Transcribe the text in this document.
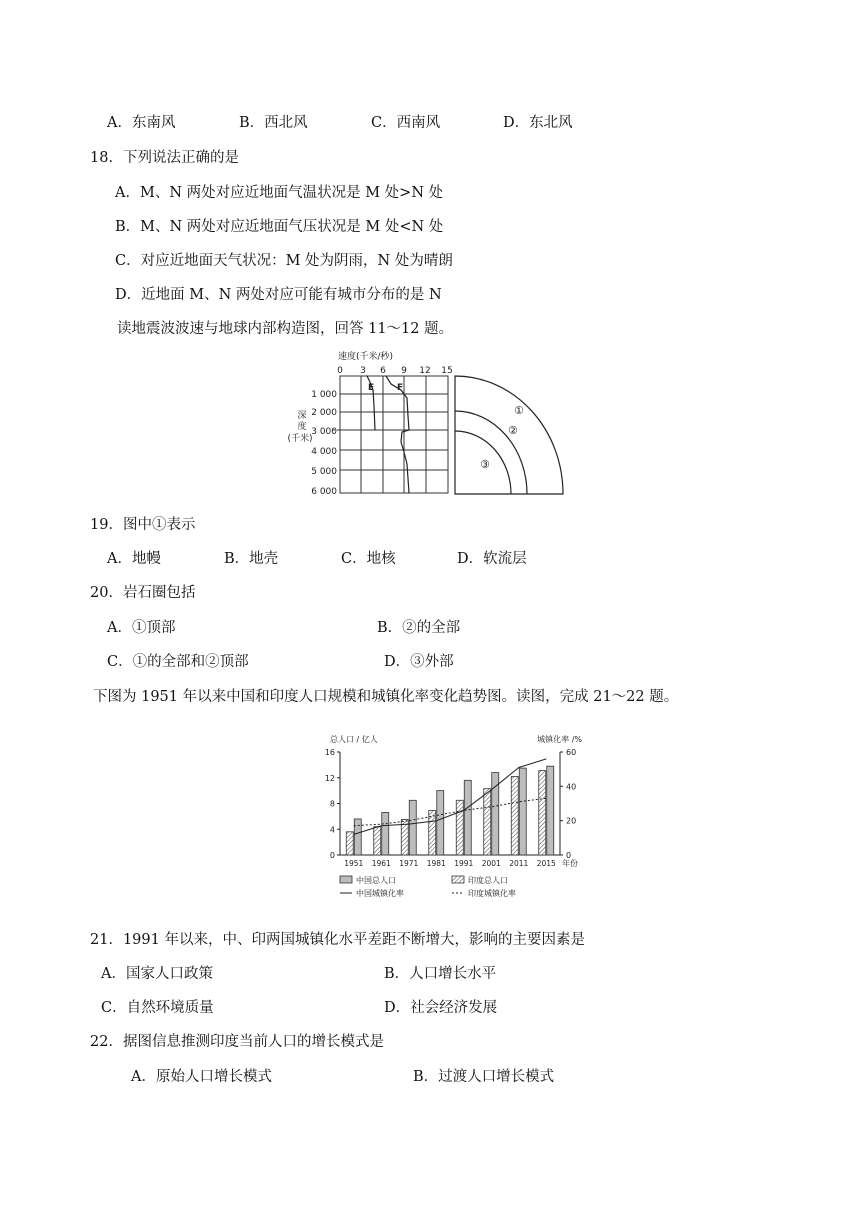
A．东南风	B．西北风	C．西南风	D．东北风
18．下列说法正确的是
A．M、N 两处对应近地面气温状况是 M 处>N 处
B．M、N 两处对应近地面气压状况是 M 处<N 处
C．对应近地面天气状况：M 处为阴雨，N 处为晴朗
D．近地面 M、N 两处对应可能有城市分布的是 N
读地震波波速与地球内部构造图，回答 11～12 题。
速度(千米/秒)
0 3 6 9 12 15
1 000
2 000
3 000
4 000
5 000
6 000
深
度
(千米)
E	F
①
②
③
19．图中①表示
A．地幔	B．地壳	C．地核	D．软流层
20．岩石圈包括
A．①顶部	B．②的全部
C．①的全部和②顶部	D．③外部
下图为 1951 年以来中国和印度人口规模和城镇化率变化趋势图。读图，完成 21～22 题。
总人口 / 亿人	城镇化率 /%
0
4
8
12
16
0
20
40
60
1951 1961 1971 1981 1991 2001 2011 2015 年份
中国总人口	印度总人口
中国城镇化率	印度城镇化率
21．1991 年以来，中、印两国城镇化水平差距不断增大，影响的主要因素是
A．国家人口政策	B．人口增长水平
C．自然环境质量	D．社会经济发展
22．据图信息推测印度当前人口的增长模式是
A．原始人口增长模式	B．过渡人口增长模式
